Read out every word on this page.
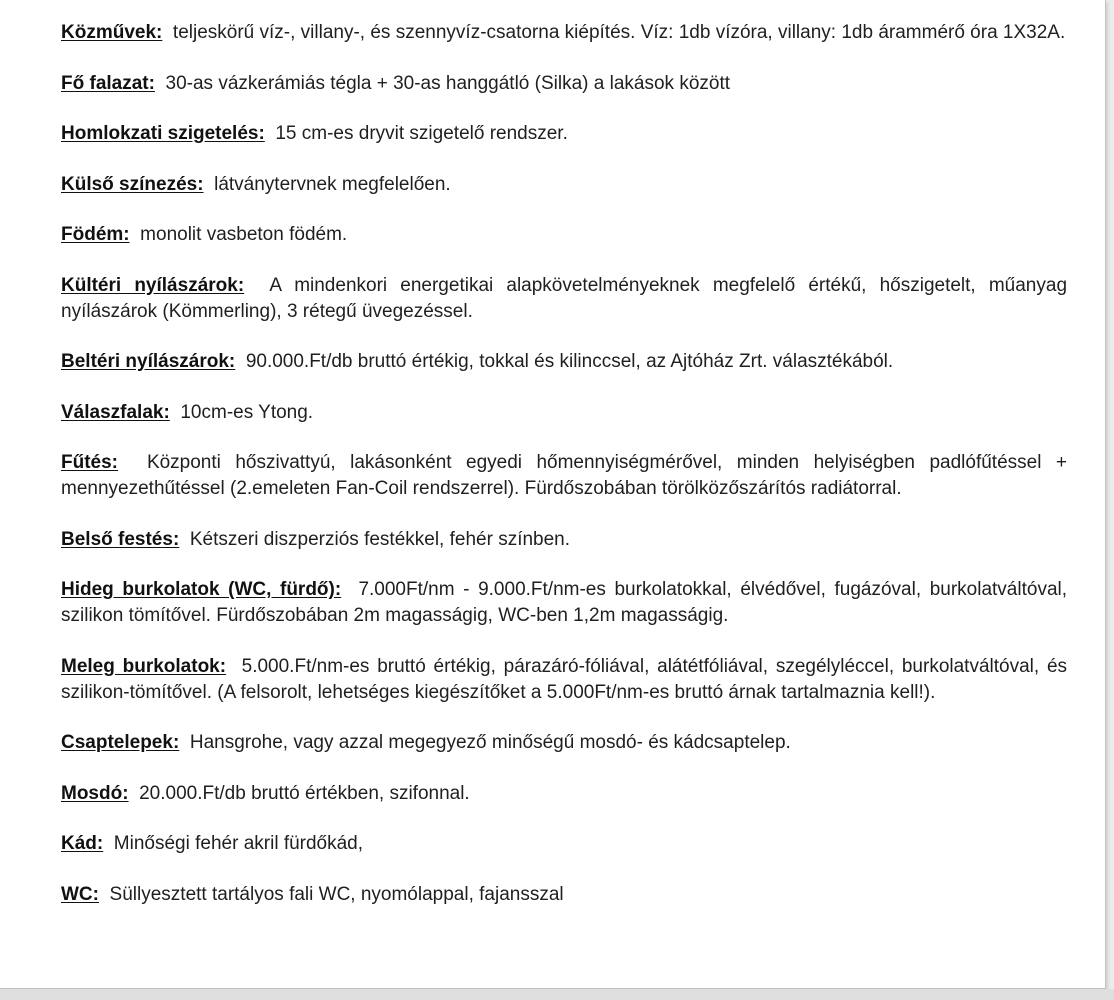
Közművek: teljeskörű víz-, villany-, és szennyvíz-csatorna kiépítés. Víz: 1db vízóra, villany: 1db árammérő óra 1X32A.

Fő falazat: 30-as vázkerámiás tégla + 30-as hanggátló (Silka) a lakások között

Homlokzati szigetelés: 15 cm-es dryvit szigetelő rendszer.

Külső színezés: látványtervnek megfelelően.

Födém: monolit vasbeton födém.

Kültéri nyílászárok: A mindenkori energetikai alapkövetelményeknek megfelelő értékű, hőszigetelt, műanyag nyílászárok (Kömmerling), 3 rétegű üvegezéssel.

Beltéri nyílászárok: 90.000.Ft/db bruttó értékig, tokkal és kilinccsel, az Ajtóház Zrt. választékából.

Válaszfalak: 10cm-es Ytong.

Fűtés: Központi hőszivattyú, lakásonként egyedi hőmennyiségmérővel, minden helyiségben padlófűtéssel + mennyezethűtéssel (2.emeleten Fan-Coil rendszerrel). Fürdőszobában törölközőszárítós radiátorral.

Belső festés: Kétszeri diszperziós festékkel, fehér színben.

Hideg burkolatok (WC, fürdő): 7.000Ft/nm - 9.000.Ft/nm-es burkolatokkal, élvédővel, fugázóval, burkolatváltóval, szilikon tömítővel. Fürdőszobában 2m magasságig, WC-ben 1,2m magasságig.

Meleg burkolatok: 5.000.Ft/nm-es bruttó értékig, párazáró-fóliával, alátétfóliával, szegélyléccel, burkolatváltóval, és szilikon-tömítővel. (A felsorolt, lehetséges kiegészítőket a 5.000Ft/nm-es bruttó árnak tartalmaznia kell!).

Csaptelepek: Hansgrohe, vagy azzal megegyező minőségű mosdó- és kádcsaptelep.

Mosdó: 20.000.Ft/db bruttó értékben, szifonnal.

Kád: Minőségi fehér akril fürdőkád,

WC: Süllyesztett tartályos fali WC, nyomólappal, fajansszal
